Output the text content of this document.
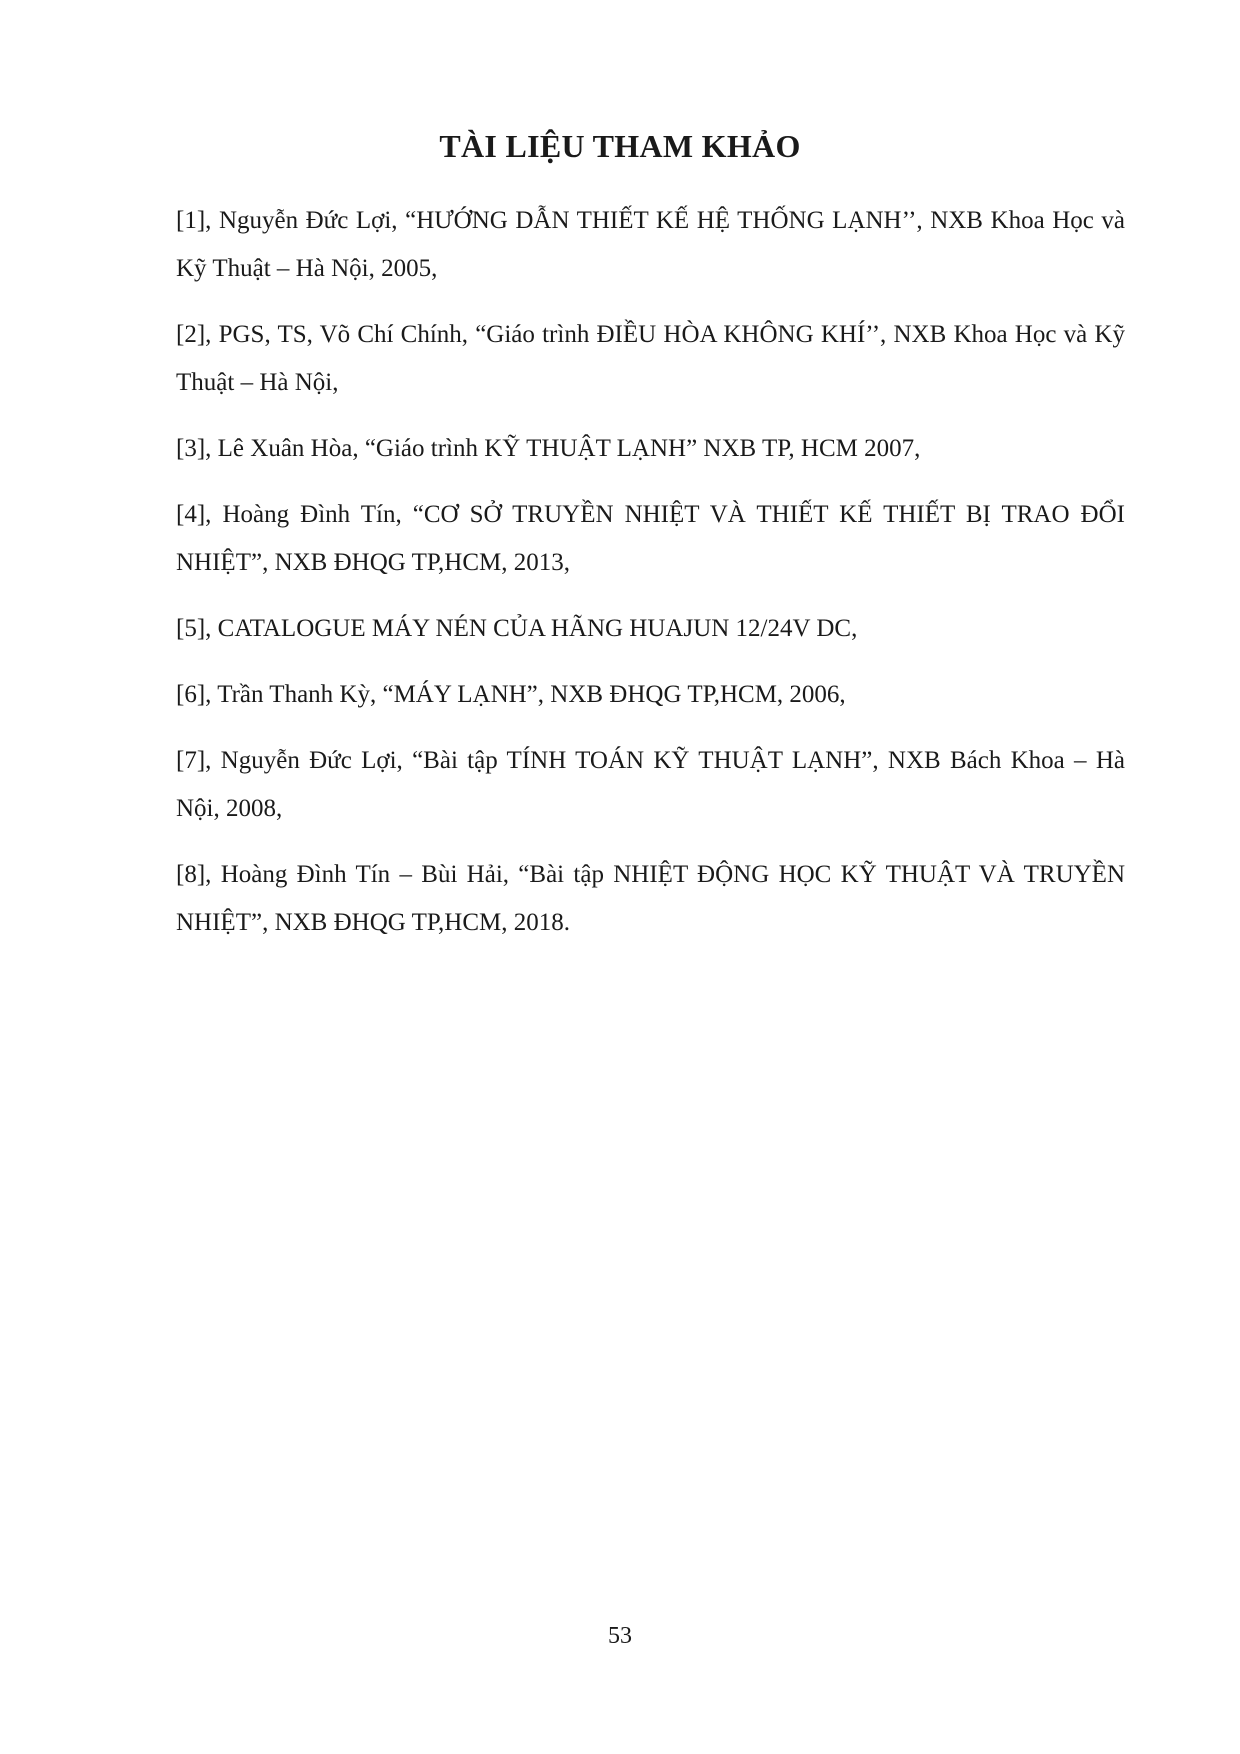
TÀI LIỆU THAM KHẢO
[1], Nguyễn Đức Lợi, “HƯỚNG DẪN THIẾT KẾ HỆ THỐNG LẠNH’’, NXB Khoa Học và Kỹ Thuật – Hà Nội, 2005,
[2], PGS, TS, Võ Chí Chính, “Giáo trình ĐIỀU HÒA KHÔNG KHÍ’’, NXB Khoa Học và Kỹ Thuật – Hà Nội,
[3], Lê Xuân Hòa, “Giáo trình KỸ THUẬT LẠNH” NXB TP, HCM 2007,
[4], Hoàng Đình Tín, “CƠ SỞ TRUYỀN NHIỆT VÀ THIẾT KẾ THIẾT BỊ TRAO ĐỔI NHIỆT”, NXB ĐHQG TP,HCM, 2013,
[5], CATALOGUE MÁY NÉN CỦA HÃNG HUAJUN 12/24V DC,
[6], Trần Thanh Kỳ, “MÁY LẠNH”, NXB ĐHQG TP,HCM, 2006,
[7], Nguyễn Đức Lợi, “Bài tập TÍNH TOÁN KỸ THUẬT LẠNH”, NXB Bách Khoa – Hà Nội, 2008,
[8], Hoàng Đình Tín – Bùi Hải, “Bài tập NHIỆT ĐỘNG HỌC KỸ THUẬT VÀ TRUYỀN NHIỆT”, NXB ĐHQG TP,HCM, 2018.
53
